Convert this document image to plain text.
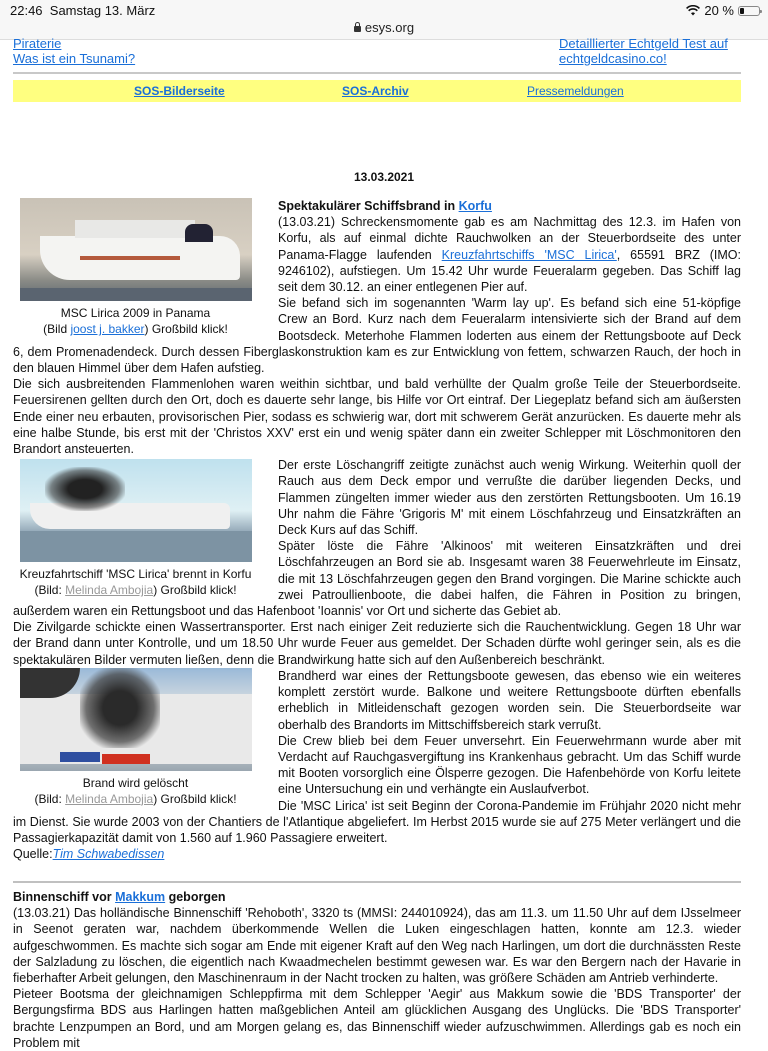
22:46 Samstag 13. März	20 %
esys.org
Piraterie
Was ist ein Tsunami?
Detaillierter Echtgeld Test auf
echtgeldcasino.co!
SOS-Bilderseite	SOS-Archiv	Pressemeldungen
13.03.2021
MSC Lirica 2009 in Panama
(Bild joost j. bakker) Großbild klick!
Spektakulärer Schiffsbrand in Korfu
(13.03.21) Schreckensmomente gab es am Nachmittag des 12.3. im Hafen von Korfu, als auf einmal dichte Rauchwolken an der Steuerbordseite des unter Panama-Flagge laufenden Kreuzfahrtschiffs 'MSC Lirica', 65591 BRZ (IMO: 9246102), aufstiegen. Um 15.42 Uhr wurde Feueralarm gegeben. Das Schiff lag seit dem 30.12. an einer entlegenen Pier auf.
Sie befand sich im sogenannten 'Warm lay up'. Es befand sich eine 51-köpfige Crew an Bord. Kurz nach dem Feueralarm intensivierte sich der Brand auf dem Bootsdeck. Meterhohe Flammen loderten aus einem der Rettungsboote auf Deck 6, dem Promenadendeck. Durch dessen Fiberglaskonstruktion kam es zur Entwicklung von fettem, schwarzen Rauch, der hoch in den blauen Himmel über dem Hafen aufstieg.
Die sich ausbreitenden Flammenlohen waren weithin sichtbar, und bald verhüllte der Qualm große Teile der Steuerbordseite. Feuersirenen gellten durch den Ort, doch es dauerte sehr lange, bis Hilfe vor Ort eintraf. Der Liegeplatz befand sich am äußersten Ende einer neu erbauten, provisorischen Pier, sodass es schwierig war, dort mit schwerem Gerät anzurücken. Es dauerte mehr als eine halbe Stunde, bis erst mit der 'Christos XXV' erst ein und wenig später dann ein zweiter Schlepper mit Löschmonitoren den Brandort ansteuerten.
Kreuzfahrtschiff 'MSC Lirica' brennt in Korfu
(Bild: Melinda Ambojia) Großbild klick!
Der erste Löschangriff zeitigte zunächst auch wenig Wirkung. Weiterhin quoll der Rauch aus dem Deck empor und verrußte die darüber liegenden Decks, und Flammen züngelten immer wieder aus den zerstörten Rettungsbooten. Um 16.19 Uhr nahm die Fähre 'Grigoris M' mit einem Löschfahrzeug und Einsatzkräften an Deck Kurs auf das Schiff.
Später löste die Fähre 'Alkinoos' mit weiteren Einsatzkräften und drei Löschfahrzeugen an Bord sie ab. Insgesamt waren 38 Feuerwehrleute im Einsatz, die mit 13 Löschfahrzeugen gegen den Brand vorgingen. Die Marine schickte auch zwei Patroullienboote, die dabei halfen, die Fähren in Position zu bringen, außerdem waren ein Rettungsboot und das Hafenboot 'Ioannis' vor Ort und sicherte das Gebiet ab.
Die Zivilgarde schickte einen Wassertransporter. Erst nach einiger Zeit reduzierte sich die Rauchentwicklung. Gegen 18 Uhr war der Brand dann unter Kontrolle, und um 18.50 Uhr wurde Feuer aus gemeldet. Der Schaden dürfte wohl geringer sein, als es die spektakulären Bilder vermuten ließen, denn die Brandwirkung hatte sich auf den Außenbereich beschränkt.
Brand wird gelöscht
(Bild: Melinda Ambojia) Großbild klick!
Brandherd war eines der Rettungsboote gewesen, das ebenso wie ein weiteres komplett zerstört wurde. Balkone und weitere Rettungsboote dürften ebenfalls erheblich in Mitleidenschaft gezogen worden sein. Die Steuerbordseite war oberhalb des Brandorts im Mittschiffsbereich stark verrußt.
Die Crew blieb bei dem Feuer unversehrt. Ein Feuerwehrmann wurde aber mit Verdacht auf Rauchgasvergiftung ins Krankenhaus gebracht. Um das Schiff wurde mit Booten vorsorglich eine Ölsperre gezogen. Die Hafenbehörde von Korfu leitete eine Untersuchung ein und verhängte ein Auslaufverbot.
Die 'MSC Lirica' ist seit Beginn der Corona-Pandemie im Frühjahr 2020 nicht mehr im Dienst. Sie wurde 2003 von der Chantiers de l'Atlantique abgeliefert. Im Herbst 2015 wurde sie auf 275 Meter verlängert und die Passagierkapazität damit von 1.560 auf 1.960 Passagiere erweitert.
Quelle:Tim Schwabedissen
Binnenschiff vor Makkum geborgen
(13.03.21) Das holländische Binnenschiff 'Rehoboth', 3320 ts (MMSI: 244010924), das am 11.3. um 11.50 Uhr auf dem IJsselmeer in Seenot geraten war, nachdem überkommende Wellen die Luken eingeschlagen hatten, konnte am 12.3. wieder aufgeschwommen. Es machte sich sogar am Ende mit eigener Kraft auf den Weg nach Harlingen, um dort die durchnässten Reste der Salzladung zu löschen, die eigentlich nach Kwaadmechelen bestimmt gewesen war. Es war den Bergern nach der Havarie in fieberhafter Arbeit gelungen, den Maschinenraum in der Nacht trocken zu halten, was größere Schäden am Antrieb verhinderte.
Pieteer Bootsma der gleichnamigen Schleppfirma mit dem Schlepper 'Aegir' aus Makkum sowie die 'BDS Transporter' der Bergungsfirma BDS aus Harlingen hatten maßgeblichen Anteil am glücklichen Ausgang des Unglücks. Die 'BDS Transporter' brachte Lenzpumpen an Bord, und am Morgen gelang es, das Binnenschiff wieder aufzuschwimmen. Allerdings gab es noch ein Problem mit
